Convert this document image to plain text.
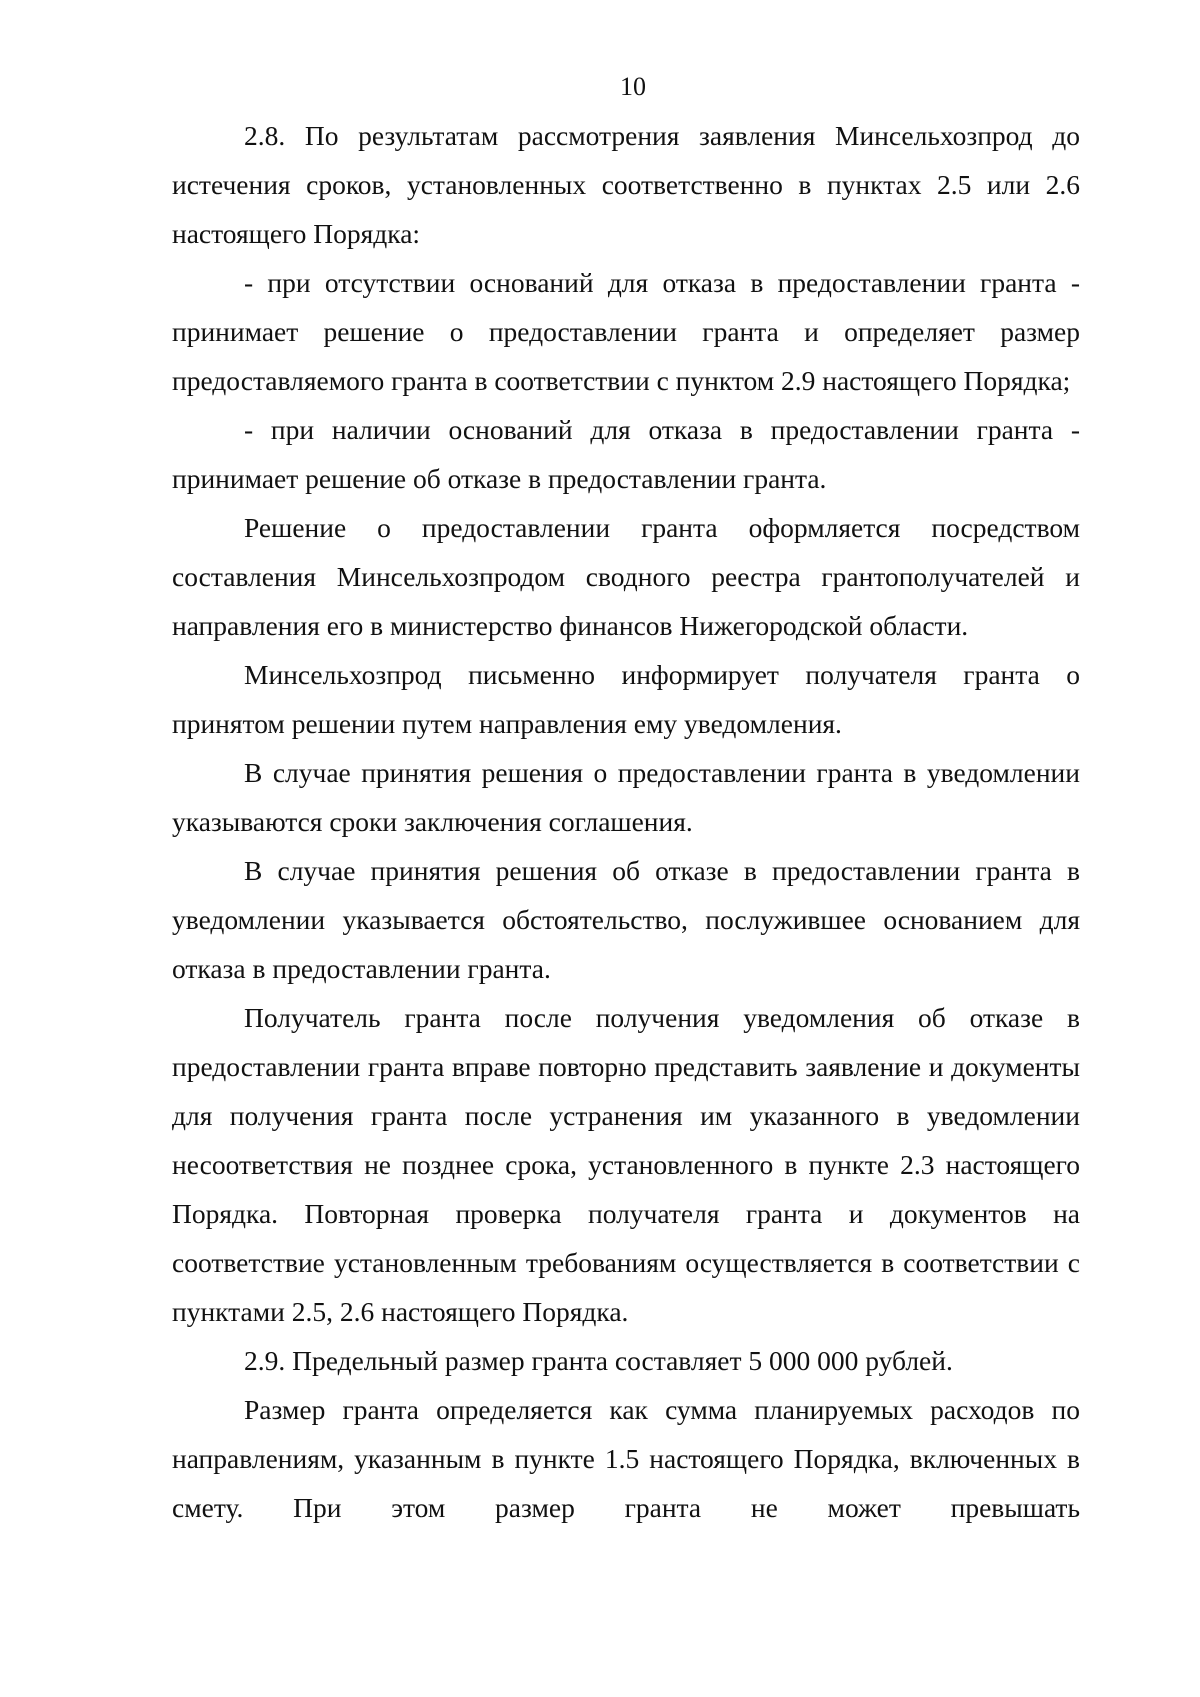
10

2.8. По результатам рассмотрения заявления Минсельхозпрод до истечения сроков, установленных соответственно в пунктах 2.5 или 2.6 настоящего Порядка:

- при отсутствии оснований для отказа в предоставлении гранта - принимает решение о предоставлении гранта и определяет размер предоставляемого гранта в соответствии с пунктом 2.9 настоящего Порядка;

- при наличии оснований для отказа в предоставлении гранта - принимает решение об отказе в предоставлении гранта.

Решение о предоставлении гранта оформляется посредством составления Минсельхозпродом сводного реестра грантополучателей и направления его в министерство финансов Нижегородской области.

Минсельхозпрод письменно информирует получателя гранта о принятом решении путем направления ему уведомления.

В случае принятия решения о предоставлении гранта в уведомлении указываются сроки заключения соглашения.

В случае принятия решения об отказе в предоставлении гранта в уведомлении указывается обстоятельство, послужившее основанием для отказа в предоставлении гранта.

Получатель гранта после получения уведомления об отказе в предоставлении гранта вправе повторно представить заявление и документы для получения гранта после устранения им указанного в уведомлении несоответствия не позднее срока, установленного в пункте 2.3 настоящего Порядка. Повторная проверка получателя гранта и документов на соответствие установленным требованиям осуществляется в соответствии с пунктами 2.5, 2.6 настоящего Порядка.

2.9. Предельный размер гранта составляет 5 000 000 рублей.

Размер гранта определяется как сумма планируемых расходов по направлениям, указанным в пункте 1.5 настоящего Порядка, включенных в смету. При этом размер гранта не может превышать
